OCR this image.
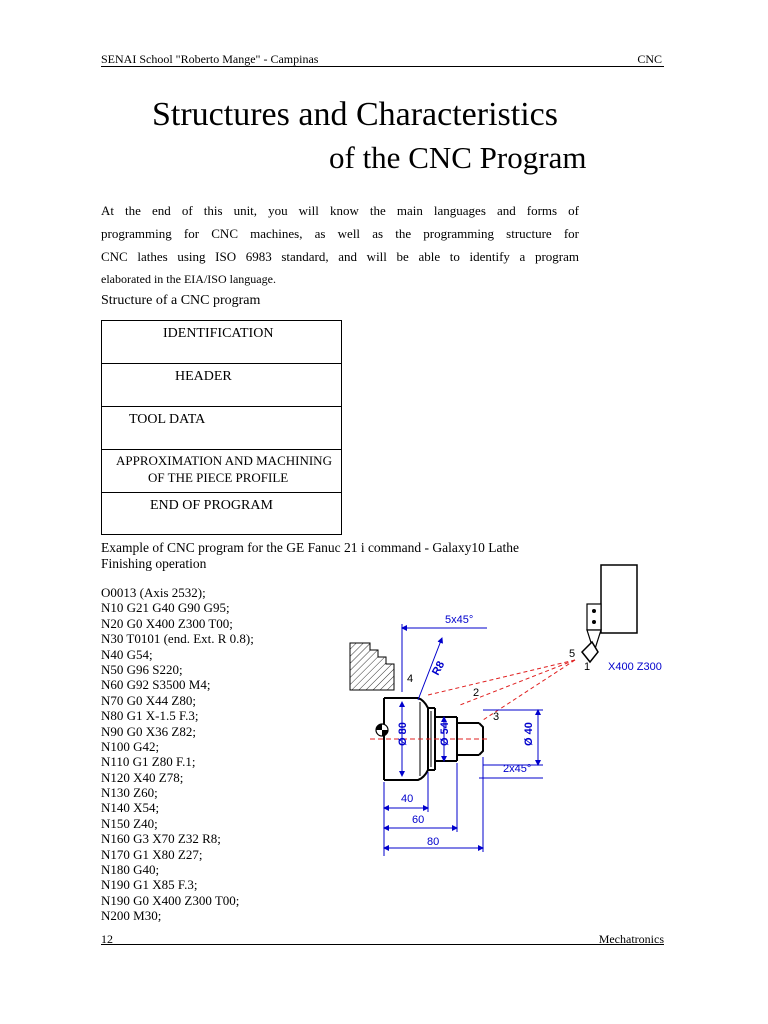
SENAI School "Roberto Mange" - Campinas	CNC
Structures and Characteristics
of the CNC Program
At the end of this unit, you will know the main languages and forms of
programming for CNC machines, as well as the programming structure for
CNC lathes using ISO 6983 standard, and will be able to identify a program
elaborated in the EIA/ISO language.
Structure of a CNC program
IDENTIFICATION
HEADER
TOOL DATA
APPROXIMATION AND MACHINING
OF THE PIECE PROFILE
END OF PROGRAM
Example of CNC program for the GE Fanuc 21 i command - Galaxy10 Lathe
Finishing operation
O0013 (Axis 2532);
N10 G21 G40 G90 G95;
N20 G0 X400 Z300 T00;
N30 T0101 (end. Ext. R 0.8);
N40 G54;
N50 G96 S220;
N60 G92 S3500 M4;
N70 G0 X44 Z80;
N80 G1 X-1.5 F.3;
N90 G0 X36 Z82;
N100 G42;
N110 G1 Z80 F.1;
N120 X40 Z78;
N130 Z60;
N140 X54;
N150 Z40;
N160 G3 X70 Z32 R8;
N170 G1 X80 Z27;
N180 G40;
N190 G1 X85 F.3;
N190 G0 X400 Z300 T00;
N200 M30;
1
2
3
4
5
X400 Z300
5x45°
R8
Ø 80	Ø 54	Ø 40
2x45°
40
60
80
12	Mechatronics
